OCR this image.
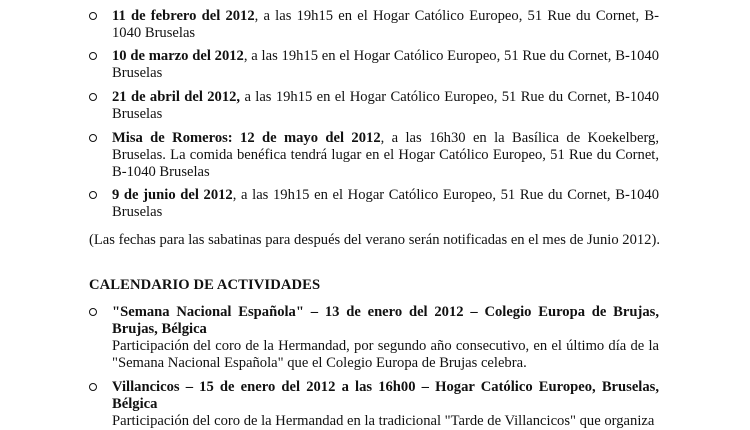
11 de febrero del 2012, a las 19h15 en el Hogar Católico Europeo, 51 Rue du Cornet, B-1040 Bruselas
10 de marzo del 2012, a las 19h15 en el Hogar Católico Europeo, 51 Rue du Cornet, B-1040 Bruselas
21 de abril del 2012, a las 19h15 en el Hogar Católico Europeo, 51 Rue du Cornet, B-1040 Bruselas
Misa de Romeros: 12 de mayo del 2012, a las 16h30 en la Basílica de Koekelberg, Bruselas. La comida benéfica tendrá lugar en el Hogar Católico Europeo, 51 Rue du Cornet, B-1040 Bruselas
9 de junio del 2012, a las 19h15 en el Hogar Católico Europeo, 51 Rue du Cornet, B-1040 Bruselas
(Las fechas para las sabatinas para después del verano serán notificadas en el mes de Junio 2012).
CALENDARIO DE ACTIVIDADES

"Semana Nacional Española" – 13 de enero del 2012 – Colegio Europa de Brujas, Brujas, Bélgica

Participación del coro de la Hermandad, por segundo año consecutivo, en el último día de la "Semana Nacional Española" que el Colegio Europa de Brujas celebra.

Villancicos – 15 de enero del 2012 a las 16h00 – Hogar Católico Europeo, Bruselas, Bélgica

Participación del coro de la Hermandad en la tradicional "Tarde de Villancicos" que organiza
